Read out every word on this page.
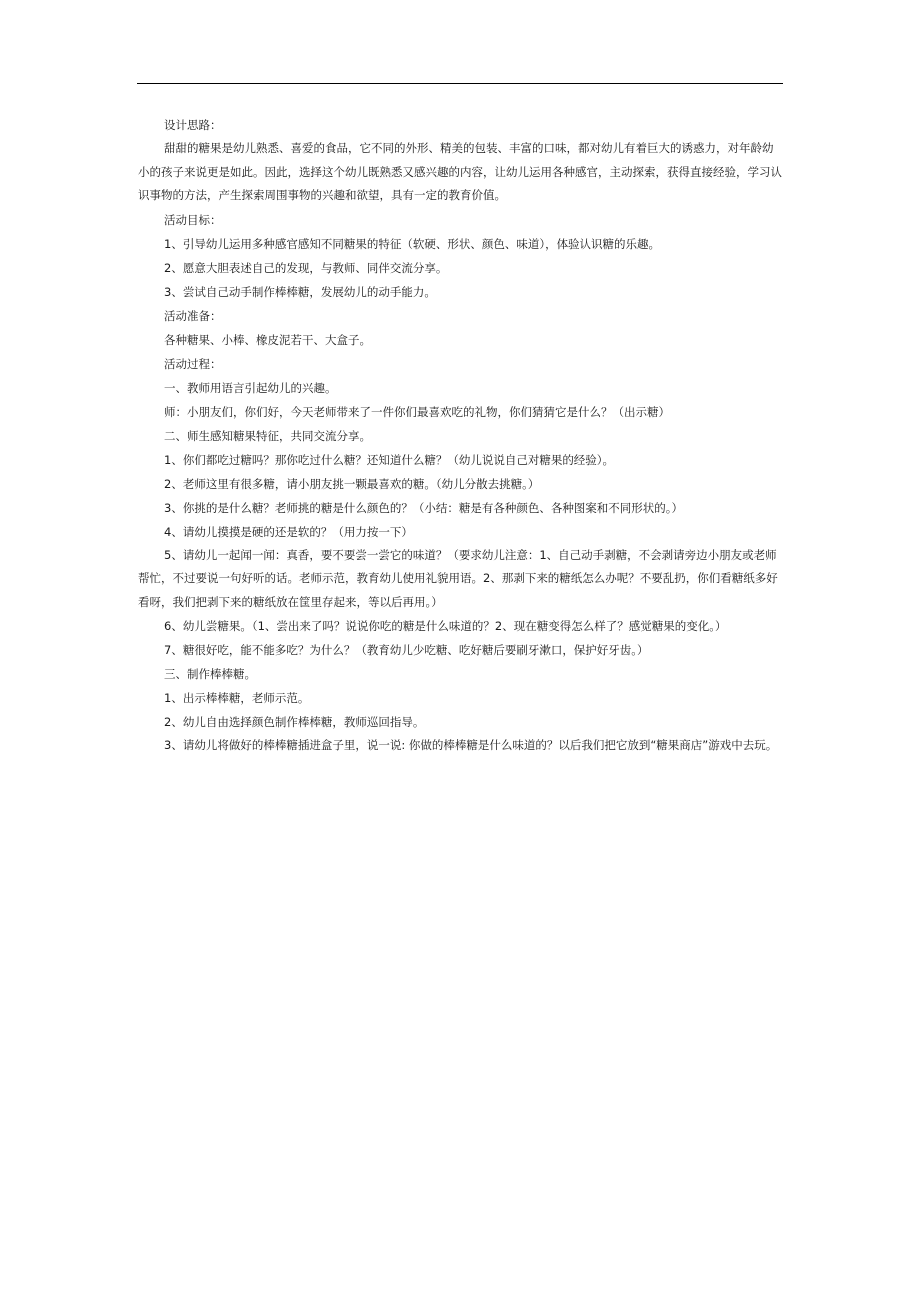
设计思路：

甜甜的糖果是幼儿熟悉、喜爱的食品，它不同的外形、精美的包装、丰富的口味，都对幼儿有着巨大的诱惑力，对年龄幼小的孩子来说更是如此。因此，选择这个幼儿既熟悉又感兴趣的内容，让幼儿运用各种感官，主动探索，获得直接经验，学习认识事物的方法，产生探索周围事物的兴趣和欲望，具有一定的教育价值。

活动目标：

1、引导幼儿运用多种感官感知不同糖果的特征（软硬、形状、颜色、味道），体验认识糖的乐趣。

2、愿意大胆表述自己的发现，与教师、同伴交流分享。

3、尝试自己动手制作棒棒糖，发展幼儿的动手能力。

活动准备：

各种糖果、小棒、橡皮泥若干、大盒子。

活动过程：

一、教师用语言引起幼儿的兴趣。

师：小朋友们，你们好，今天老师带来了一件你们最喜欢吃的礼物，你们猜猜它是什么？（出示糖）

二、师生感知糖果特征，共同交流分享。

1、你们都吃过糖吗？那你吃过什么糖？还知道什么糖？（幼儿说说自己对糖果的经验）。

2、老师这里有很多糖，请小朋友挑一颗最喜欢的糖。（幼儿分散去挑糖。）

3、你挑的是什么糖？老师挑的糖是什么颜色的？（小结：糖是有各种颜色、各种图案和不同形状的。）

4、请幼儿摸摸是硬的还是软的？（用力按一下）

5、请幼儿一起闻一闻：真香，要不要尝一尝它的味道？（要求幼儿注意：1、自己动手剥糖，不会剥请旁边小朋友或老师帮忙，不过要说一句好听的话。老师示范，教育幼儿使用礼貌用语。2、那剥下来的糖纸怎么办呢？不要乱扔，你们看糖纸多好看呀，我们把剥下来的糖纸放在筐里存起来，等以后再用。）

6、幼儿尝糖果。（1、尝出来了吗？说说你吃的糖是什么味道的？2、现在糖变得怎么样了？感觉糖果的变化。）

7、糖很好吃，能不能多吃？为什么？（教育幼儿少吃糖、吃好糖后要刷牙漱口，保护好牙齿。）

三、制作棒棒糖。

1、出示棒棒糖，老师示范。

2、幼儿自由选择颜色制作棒棒糖，教师巡回指导。

3、请幼儿将做好的棒棒糖插进盒子里，说一说: 你做的棒棒糖是什么味道的？以后我们把它放到“糖果商店”游戏中去玩。
